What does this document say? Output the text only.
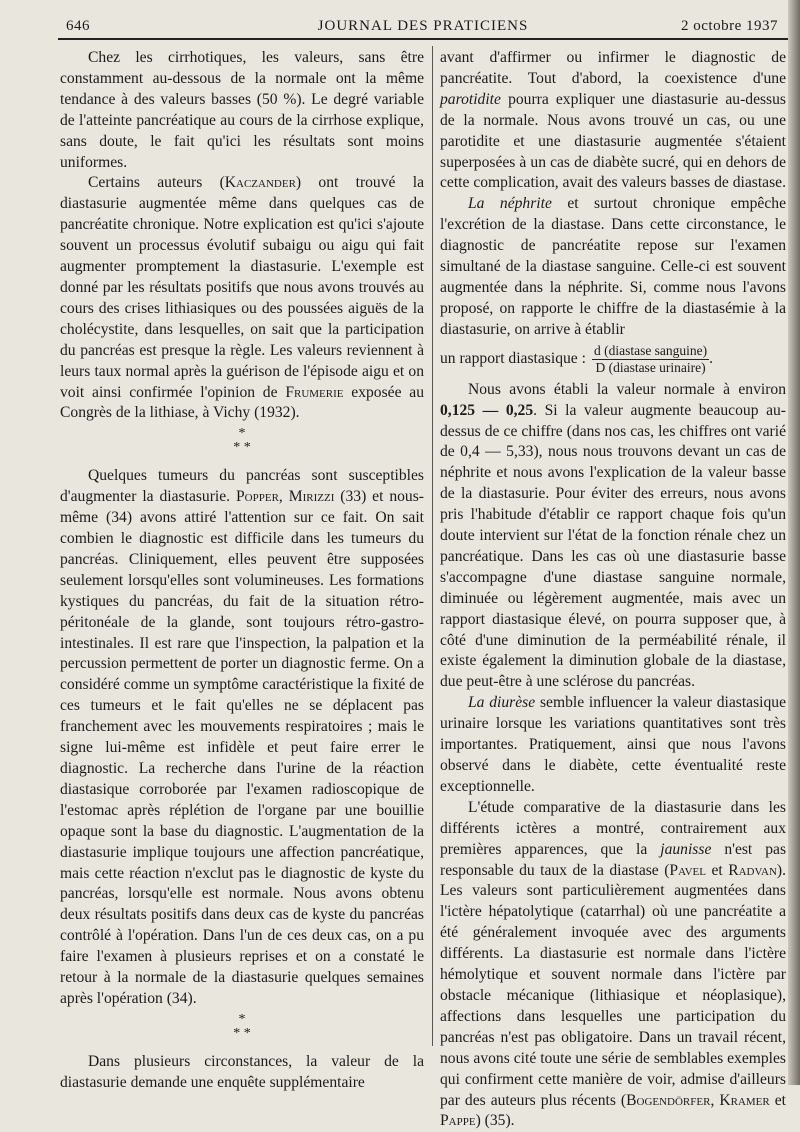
646	JOURNAL DES PRATICIENS	2 octobre 1937

Chez les cirrhotiques, les valeurs, sans être constamment au-dessous de la normale ont la même tendance à des valeurs basses (50 %). Le degré variable de l'atteinte pancréatique au cours de la cirrhose explique, sans doute, le fait qu'ici les résultats sont moins uniformes.

Certains auteurs (Kaczander) ont trouvé la diastasurie augmentée même dans quelques cas de pancréatite chronique. Notre explication est qu'ici s'ajoute souvent un processus évolutif subaigu ou aigu qui fait augmenter promptement la diastasurie. L'exemple est donné par les résultats positifs que nous avons trouvés au cours des crises lithiasiques ou des poussées aiguës de la cholécystite, dans lesquelles, on sait que la participation du pancréas est presque la règle. Les valeurs reviennent à leurs taux normal après la guérison de l'épisode aigu et on voit ainsi confirmée l'opinion de Frumerie exposée au Congrès de la lithiase, à Vichy (1932).

*
* *

Quelques tumeurs du pancréas sont susceptibles d'augmenter la diastasurie. Popper, Mirizzi (33) et nous-même (34) avons attiré l'attention sur ce fait. On sait combien le diagnostic est difficile dans les tumeurs du pancréas. Cliniquement, elles peuvent être supposées seulement lorsqu'elles sont volumineuses. Les formations kystiques du pancréas, du fait de la situation rétro-péritonéale de la glande, sont toujours rétro-gastro-intestinales. Il est rare que l'inspection, la palpation et la percussion permettent de porter un diagnostic ferme. On a considéré comme un symptôme caractéristique la fixité de ces tumeurs et le fait qu'elles ne se déplacent pas franchement avec les mouvements respiratoires ; mais le signe lui-même est infidèle et peut faire errer le diagnostic. La recherche dans l'urine de la réaction diastasique corroborée par l'examen radioscopique de l'estomac après réplétion de l'organe par une bouillie opaque sont la base du diagnostic. L'augmentation de la diastasurie implique toujours une affection pancréatique, mais cette réaction n'exclut pas le diagnostic de kyste du pancréas, lorsqu'elle est normale. Nous avons obtenu deux résultats positifs dans deux cas de kyste du pancréas contrôlé à l'opération. Dans l'un de ces deux cas, on a pu faire l'examen à plusieurs reprises et on a constaté le retour à la normale de la diastasurie quelques semaines après l'opération (34).

*
* *

Dans plusieurs circonstances, la valeur de la diastasurie demande une enquête supplémentaire

avant d'affirmer ou infirmer le diagnostic de pancréatite. Tout d'abord, la coexistence d'une parotidite pourra expliquer une diastasurie au-dessus de la normale. Nous avons trouvé un cas, ou une parotidite et une diastasurie augmentée s'étaient superposées à un cas de diabète sucré, qui en dehors de cette complication, avait des valeurs basses de diastase.

La néphrite et surtout chronique empêche l'excrétion de la diastase. Dans cette circonstance, le diagnostic de pancréatite repose sur l'examen simultané de la diastase sanguine. Celle-ci est souvent augmentée dans la néphrite. Si, comme nous l'avons proposé, on rapporte le chiffre de la diastasémie à la diastasurie, on arrive à établir

un rapport diastasique : $\frac{\text{d (diastase sanguine)}}{\text{D (diastase urinaire)}}$ .

Nous avons établi la valeur normale à environ 0,125 — 0,25. Si la valeur augmente beaucoup au-dessus de ce chiffre (dans nos cas, les chiffres ont varié de 0,4 — 5,33), nous nous trouvons devant un cas de néphrite et nous avons l'explication de la valeur basse de la diastasurie. Pour éviter des erreurs, nous avons pris l'habitude d'établir ce rapport chaque fois qu'un doute intervient sur l'état de la fonction rénale chez un pancréatique. Dans les cas où une diastasurie basse s'accompagne d'une diastase sanguine normale, diminuée ou légèrement augmentée, mais avec un rapport diastasique élevé, on pourra supposer que, à côté d'une diminution de la perméabilité rénale, il existe également la diminution globale de la diastase, due peut-être à une sclérose du pancréas.

La diurèse semble influencer la valeur diastasique urinaire lorsque les variations quantitatives sont très importantes. Pratiquement, ainsi que nous l'avons observé dans le diabète, cette éventualité reste exceptionnelle.

L'étude comparative de la diastasurie dans les différents ictères a montré, contrairement aux premières apparences, que la jaunisse n'est pas responsable du taux de la diastase (Pavel et Radvan). Les valeurs sont particulièrement augmentées dans l'ictère hépatolytique (catarrhal) où une pancréatite a été généralement invoquée avec des arguments différents. La diastasurie est normale dans l'ictère hémolytique et souvent normale dans l'ictère par obstacle mécanique (lithiasique et néoplasique), affections dans lesquelles une participation du pancréas n'est pas obligatoire. Dans un travail récent, nous avons cité toute une série de semblables exemples qui confirment cette manière de voir, admise d'ailleurs par des auteurs plus récents (Bogendörfer, Kramer et Pappe) (35).
